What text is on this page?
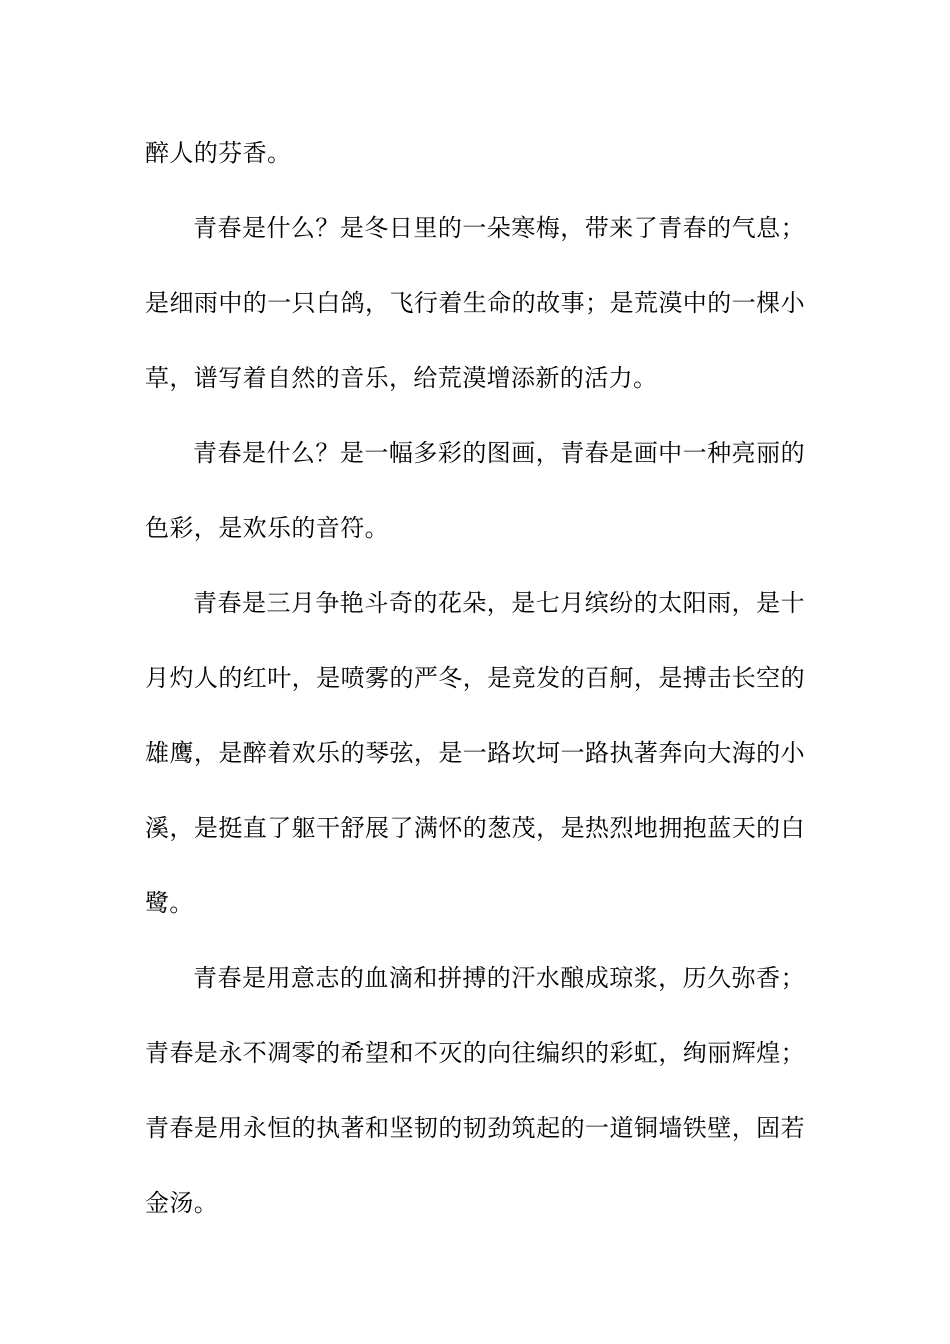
醉人的芬香。

青春是什么？是冬日里的一朵寒梅，带来了青春的气息；是细雨中的一只白鸽，飞行着生命的故事；是荒漠中的一棵小草，谱写着自然的音乐，给荒漠增添新的活力。

青春是什么？是一幅多彩的图画，青春是画中一种亮丽的色彩，是欢乐的音符。

青春是三月争艳斗奇的花朵，是七月缤纷的太阳雨，是十月灼人的红叶，是喷雾的严冬，是竞发的百舸，是搏击长空的雄鹰，是醉着欢乐的琴弦，是一路坎坷一路执著奔向大海的小溪，是挺直了躯干舒展了满怀的葱茂，是热烈地拥抱蓝天的白鹭。

青春是用意志的血滴和拼搏的汗水酿成琼浆，历久弥香；青春是永不凋零的希望和不灭的向往编织的彩虹，绚丽辉煌；青春是用永恒的执著和坚韧的韧劲筑起的一道铜墙铁壁，固若金汤。
